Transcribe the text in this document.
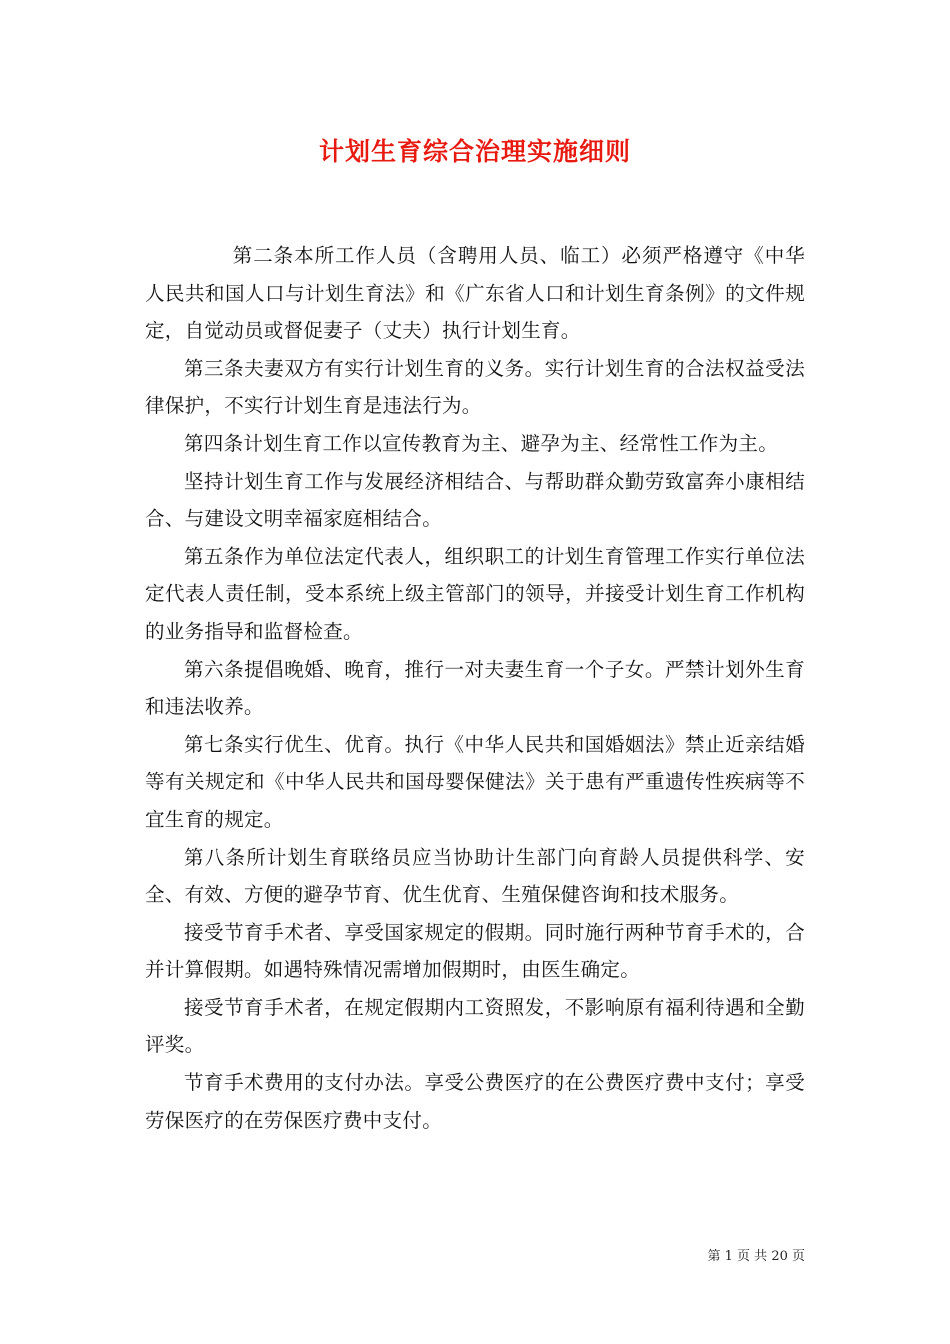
计划生育综合治理实施细则

第二条本所工作人员（含聘用人员、临工）必须严格遵守《中华人民共和国人口与计划生育法》和《广东省人口和计划生育条例》的文件规定，自觉动员或督促妻子（丈夫）执行计划生育。

第三条夫妻双方有实行计划生育的义务。实行计划生育的合法权益受法律保护，不实行计划生育是违法行为。

第四条计划生育工作以宣传教育为主、避孕为主、经常性工作为主。

坚持计划生育工作与发展经济相结合、与帮助群众勤劳致富奔小康相结合、与建设文明幸福家庭相结合。

第五条作为单位法定代表人，组织职工的计划生育管理工作实行单位法定代表人责任制，受本系统上级主管部门的领导，并接受计划生育工作机构的业务指导和监督检查。

第六条提倡晚婚、晚育，推行一对夫妻生育一个子女。严禁计划外生育和违法收养。

第七条实行优生、优育。执行《中华人民共和国婚姻法》禁止近亲结婚等有关规定和《中华人民共和国母婴保健法》关于患有严重遗传性疾病等不宜生育的规定。

第八条所计划生育联络员应当协助计生部门向育龄人员提供科学、安全、有效、方便的避孕节育、优生优育、生殖保健咨询和技术服务。

接受节育手术者、享受国家规定的假期。同时施行两种节育手术的，合并计算假期。如遇特殊情况需增加假期时，由医生确定。

接受节育手术者，在规定假期内工资照发，不影响原有福利待遇和全勤评奖。

节育手术费用的支付办法。享受公费医疗的在公费医疗费中支付；享受劳保医疗的在劳保医疗费中支付。

第 1 页 共 20 页
